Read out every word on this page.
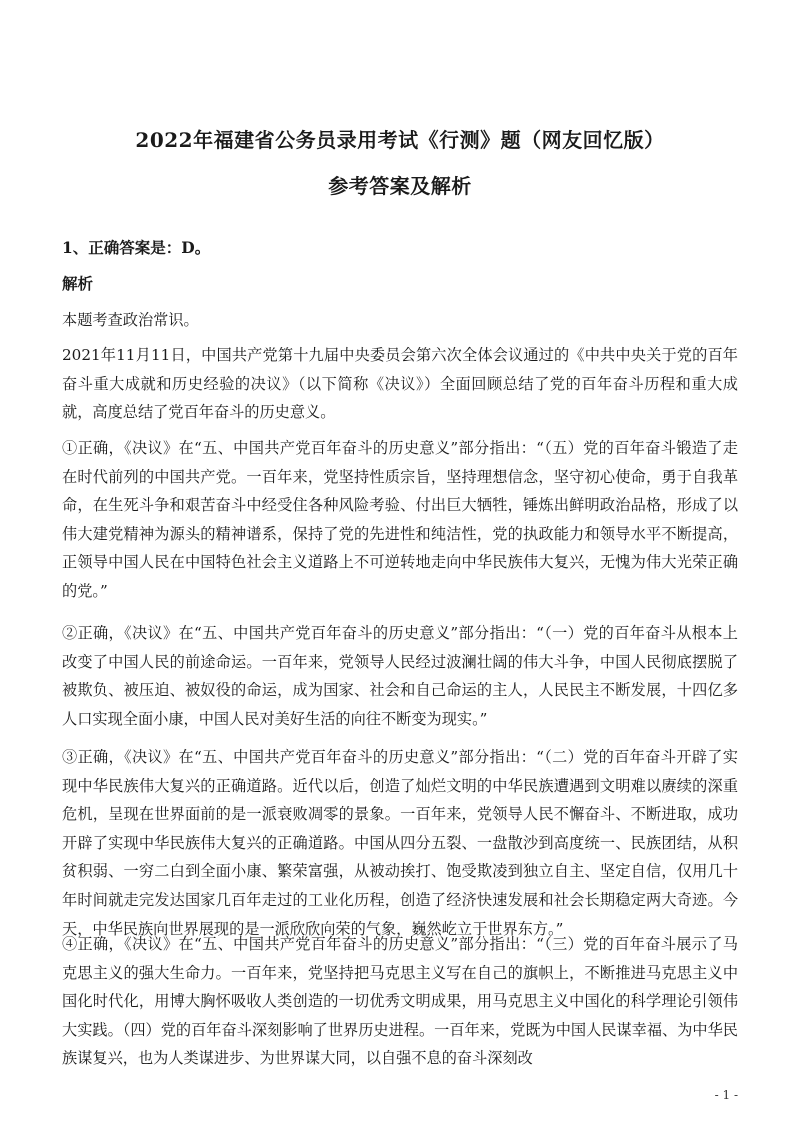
2022年福建省公务员录用考试《行测》题（网友回忆版）
参考答案及解析
1、正确答案是：D。
解析
本题考查政治常识。
2021年11月11日，中国共产党第十九届中央委员会第六次全体会议通过的《中共中央关于党的百年奋斗重大成就和历史经验的决议》（以下简称《决议》）全面回顾总结了党的百年奋斗历程和重大成就，高度总结了党百年奋斗的历史意义。
①正确，《决议》在“五、中国共产党百年奋斗的历史意义”部分指出：“（五）党的百年奋斗锻造了走在时代前列的中国共产党。一百年来，党坚持性质宗旨，坚持理想信念，坚守初心使命，勇于自我革命，在生死斗争和艰苦奋斗中经受住各种风险考验、付出巨大牺牲，锤炼出鲜明政治品格，形成了以伟大建党精神为源头的精神谱系，保持了党的先进性和纯洁性，党的执政能力和领导水平不断提高，正领导中国人民在中国特色社会主义道路上不可逆转地走向中华民族伟大复兴，无愧为伟大光荣正确的党。”
②正确，《决议》在“五、中国共产党百年奋斗的历史意义”部分指出：“（一）党的百年奋斗从根本上改变了中国人民的前途命运。一百年来，党领导人民经过波澜壮阔的伟大斗争，中国人民彻底摆脱了被欺负、被压迫、被奴役的命运，成为国家、社会和自己命运的主人，人民民主不断发展，十四亿多人口实现全面小康，中国人民对美好生活的向往不断变为现实。”
③正确，《决议》在“五、中国共产党百年奋斗的历史意义”部分指出：“（二）党的百年奋斗开辟了实现中华民族伟大复兴的正确道路。近代以后，创造了灿烂文明的中华民族遭遇到文明难以赓续的深重危机，呈现在世界面前的是一派衰败凋零的景象。一百年来，党领导人民不懈奋斗、不断进取，成功开辟了实现中华民族伟大复兴的正确道路。中国从四分五裂、一盘散沙到高度统一、民族团结，从积贫积弱、一穷二白到全面小康、繁荣富强，从被动挨打、饱受欺凌到独立自主、坚定自信，仅用几十年时间就走完发达国家几百年走过的工业化历程，创造了经济快速发展和社会长期稳定两大奇迹。今天，中华民族向世界展现的是一派欣欣向荣的气象，巍然屹立于世界东方。”
④正确，《决议》在“五、中国共产党百年奋斗的历史意义”部分指出：“（三）党的百年奋斗展示了马克思主义的强大生命力。一百年来，党坚持把马克思主义写在自己的旗帜上，不断推进马克思主义中国化时代化，用博大胸怀吸收人类创造的一切优秀文明成果，用马克思主义中国化的科学理论引领伟大实践。（四）党的百年奋斗深刻影响了世界历史进程。一百年来，党既为中国人民谋幸福、为中华民族谋复兴，也为人类谋进步、为世界谋大同，以自强不息的奋斗深刻改
- 1 -
